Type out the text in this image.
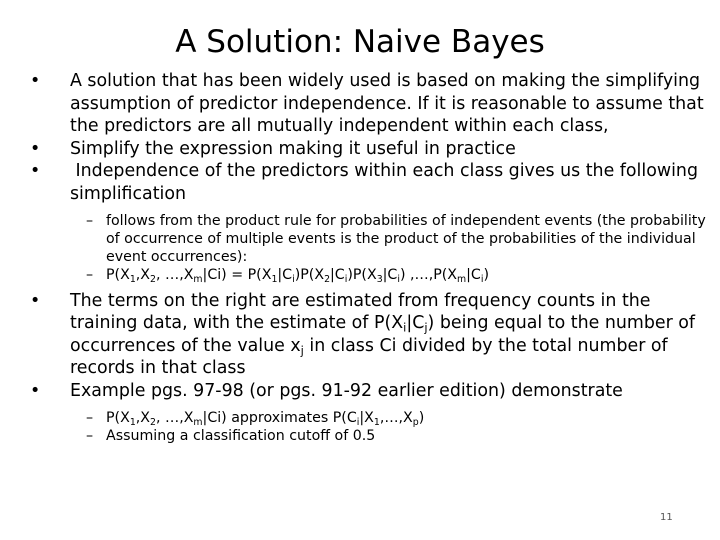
A Solution: Naive Bayes
• A solution that has been widely used is based on making the simplifying assumption of predictor independence. If it is reasonable to assume that the predictors are all mutually independent within each class,
• Simplify the expression making it useful in practice
• Independence of the predictors within each class gives us the following simplification
– follows from the product rule for probabilities of independent events (the probability of occurrence of multiple events is the product of the probabilities of the individual event occurrences):
– $P(X_1,X_2$, $\dots,X_m|Ci) = P(X_1|C_i)P(X_2|C_i)P(X_3|C_i)$ $,\dots,P(X_m|C_i)$
• The terms on the right are estimated from frequency counts in the training data, with the estimate of $P(X_i|C_j)$ being equal to the number of occurrences of the value $x_j$ in class Ci divided by the total number of records in that class
• Example pgs. 97-98 (or pgs. 91-92 earlier edition) demonstrate
– $P(X_1,X_2$, $\dots,X_m|Ci$) approximates $P(C_i|X_1,\dots,X_p)$
– Assuming a classification cutoff of 0.5
11
